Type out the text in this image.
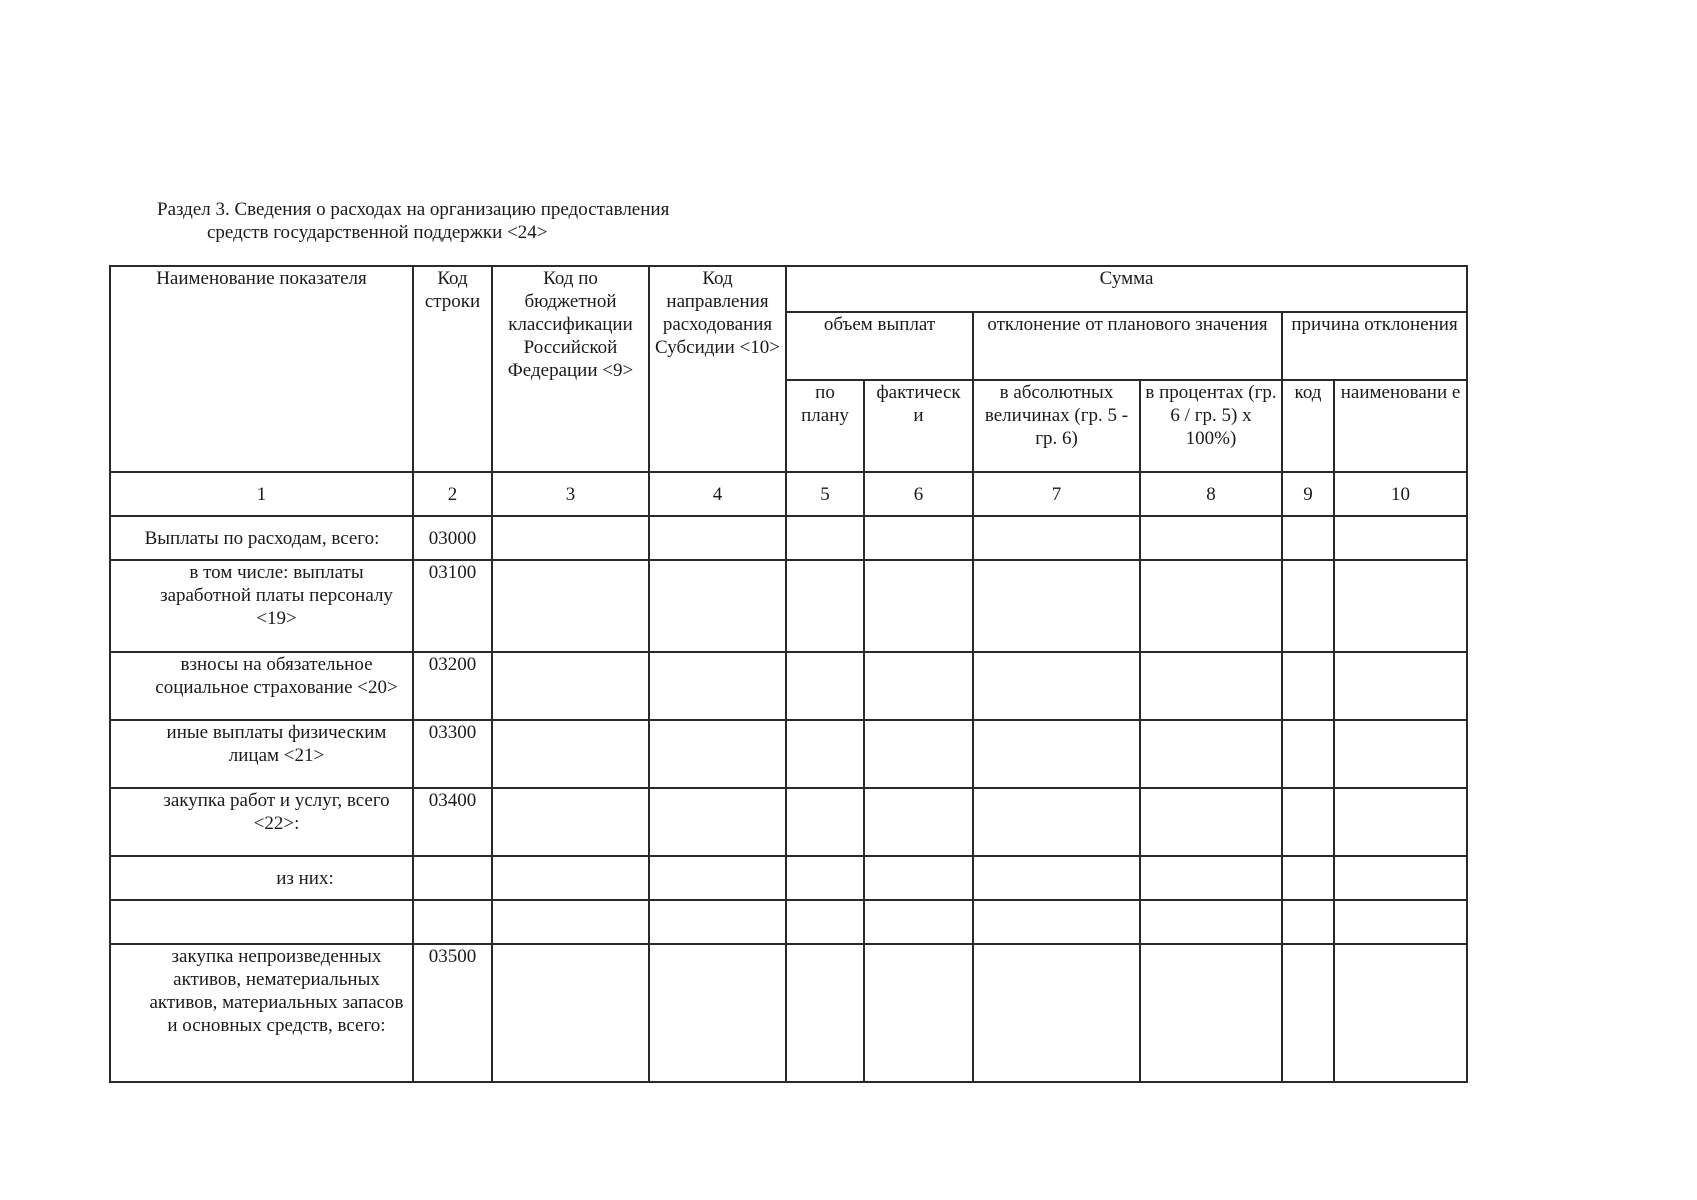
Раздел 3. Сведения о расходах на организацию предоставления
средств государственной поддержки <24>
Наименование показателя	Код строки	Код по бюджетной классификации Российской Федерации <9>	Код направления расходования Субсидии <10>	Сумма					
				объем выплат		отклонение от планового значения		причина отклонения	
				по плану	фактическ и	в абсолютных величинах (гр. 5 - гр. 6)	в процентах (гр. 6 / гр. 5) x 100%)	код	наименовани е
1	2	3	4	5	6	7	8	9	10
Выплаты по расходам, всего:	03000								
в том числе: выплаты заработной платы персоналу <19>	03100								
взносы на обязательное социальное страхование <20>	03200								
иные выплаты физическим лицам <21>	03300								
закупка работ и услуг, всего <22>:	03400								
из них:									

закупка непроизведенных активов, нематериальных активов, материальных запасов и основных средств, всего:	03500								
